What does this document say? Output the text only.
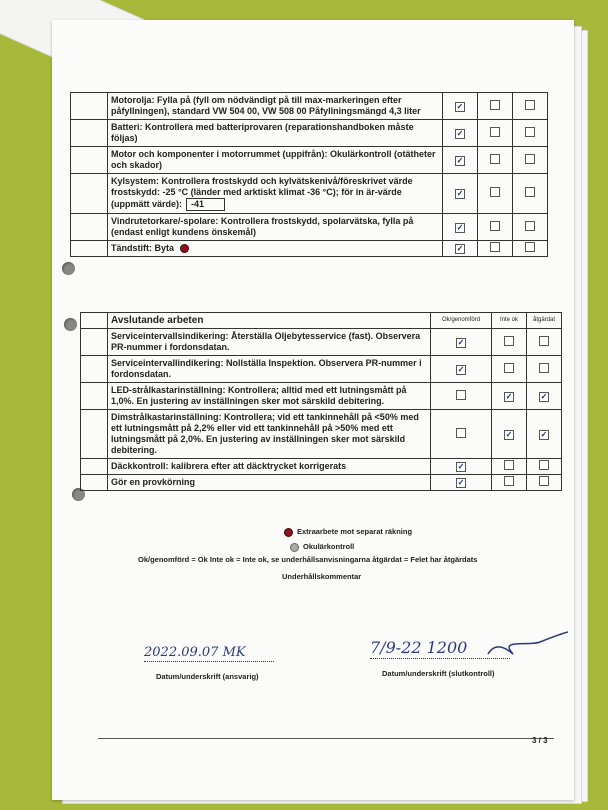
	Motorolja: Fylla på (fyll om nödvändigt på till max-markeringen efter påfyllningen), standard VW 504 00, VW 508 00 Påfyllningsmängd 4,3 liter	✓		
	Batteri: Kontrollera med batteriprovaren (reparationshandboken måste följas)	✓		
	Motor och komponenter i motorrummet (uppifrån): Okulärkontroll (otätheter och skador)	✓		
	Kylsystem: Kontrollera frostskydd och kylvätskenivå/föreskrivet värde frostskydd: -25 °C (länder med arktiskt klimat -36 °C); för in är-värde (uppmätt värde): -41	✓		
	Vindrutetorkare/-spolare: Kontrollera frostskydd, spolarvätska, fylla på (endast enligt kundens önskemål)	✓		
	Tändstift: Byta	✓		
	Avslutande arbeten	Ok/genomförd	Inte ok	åtgärdat
	Serviceintervallsindikering: Återställa Oljebytesservice (fast). Observera PR-nummer i fordonsdatan.	✓		
	Serviceintervallindikering: Nollställa Inspektion. Observera PR-nummer i fordonsdatan.	✓		
	LED-strålkastarinställning: Kontrollera; alltid med ett lutningsmått på 1,0%. En justering av inställningen sker mot särskild debitering.		✓	✓
	Dimstrålkastarinställning: Kontrollera; vid ett tankinnehåll på <50% med ett lutningsmått på 2,2% eller vid ett tankinnehåll på >50% med ett lutningsmått på 2,0%. En justering av inställningen sker mot särskild debitering.		✓	✓
	Däckkontroll: kalibrera efter att däcktrycket korrigerats	✓		
	Gör en provkörning	✓		
Extraarbete mot separat räkning
Okulärkontroll
Ok/genomförd = Ok Inte ok = Inte ok, se underhållsanvisningarna åtgärdat = Felet har åtgärdats
Underhållskommentar
2022.09.07 MK
Datum/underskrift (ansvarig)
7/9-22 1200
Datum/underskrift (slutkontroll)
3 / 3
